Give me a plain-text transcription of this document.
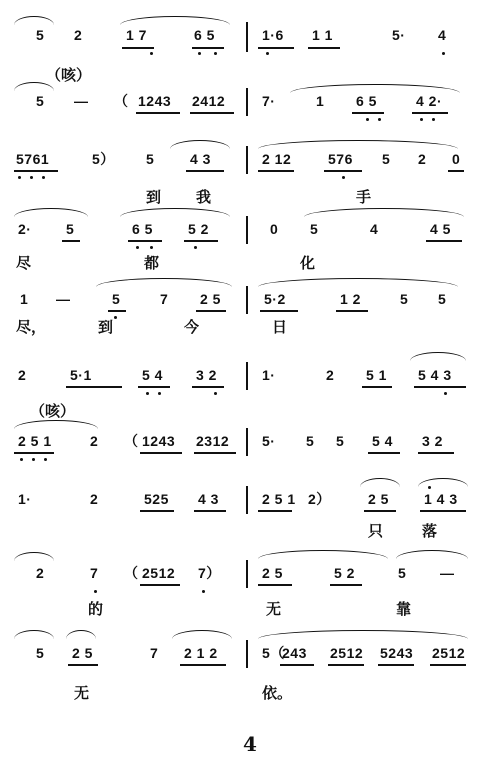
5 2	1 7	6 5	1·6 1 1	5· 4
（咳）
5 — （ 1243 2412	7·	1 6 5	4 2·
5761	5） 5	4 3	2 12	576 5 2 0
到 我	手
2· 5	6 5	5 2	0 5	4	4 5
尽	都	化
1 —	5	7 2 5	5·2	1 2	5 5
尽，	到	今	日
2	5·1	5 4 3 2	1·	2 5 1 5 4 3
（咳）
2 5 1	2 （ 1243 2312 5· 5 5 5 4 3 2
1·	2	525 4 3	2 5 1 2）	2 5	1 4 3
只	落
2	7 （ 2512 7）	2 5	5 2	5 —
的	无	靠
5 2 5	7 2 1 2	5（
243 2512 5243 2512
无	依。
4
